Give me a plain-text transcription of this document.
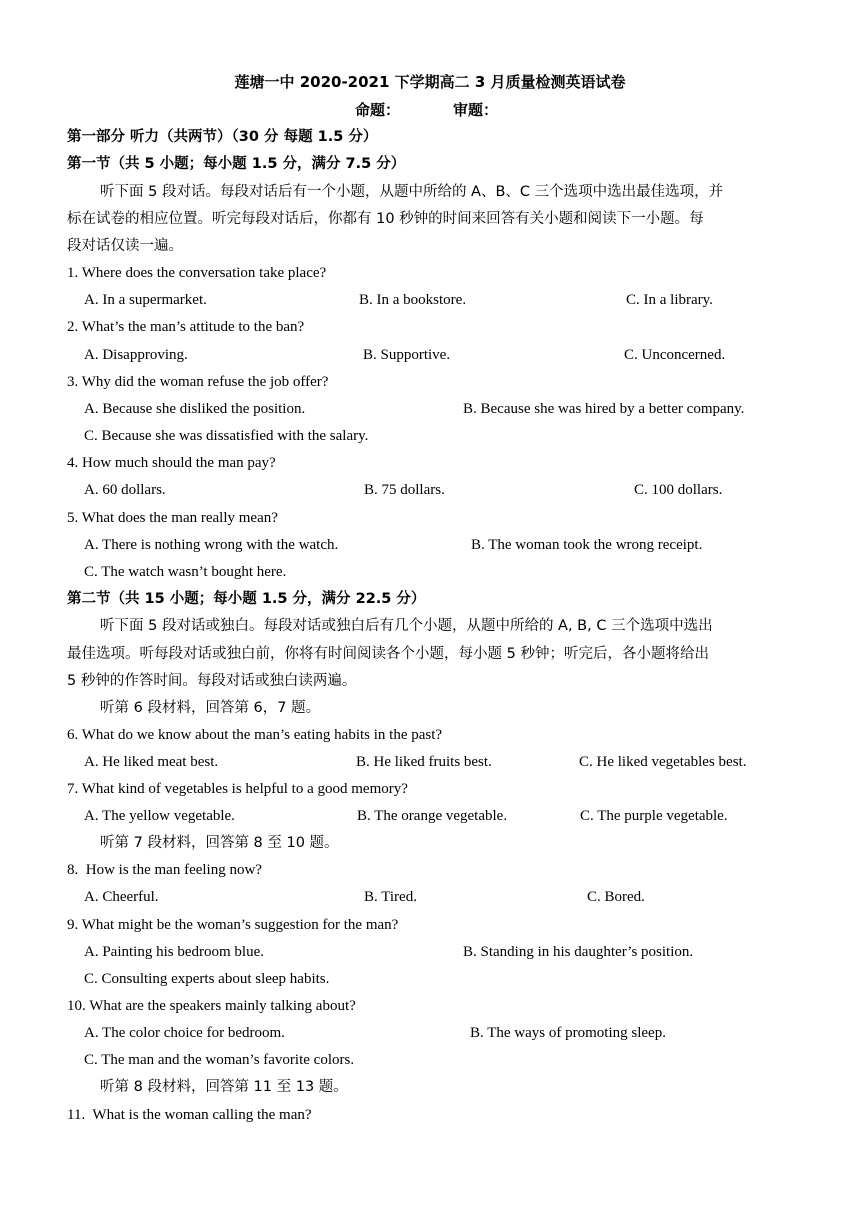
莲塘一中 2020-2021 下学期高二 3 月质量检测英语试卷
命题：	审题：
第一部分 听力（共两节）（30 分 每题 1.5 分）
第一节（共 5 小题；每小题 1.5 分，满分 7.5 分）
听下面 5 段对话。每段对话后有一个小题，从题中所给的 A、B、C 三个选项中选出最佳选项，并
标在试卷的相应位置。听完每段对话后，你都有 10 秒钟的时间来回答有关小题和阅读下一小题。每
段对话仅读一遍。
1. Where does the conversation take place?
A. In a supermarket.	B. In a bookstore.	C. In a library.
2. What’s the man’s attitude to the ban?
A. Disapproving.	B. Supportive.	C. Unconcerned.
3. Why did the woman refuse the job offer?
A. Because she disliked the position.	B. Because she was hired by a better company.
C. Because she was dissatisfied with the salary.
4. How much should the man pay?
A. 60 dollars.	B. 75 dollars.	C. 100 dollars.
5. What does the man really mean?
A. There is nothing wrong with the watch.	B. The woman took the wrong receipt.
C. The watch wasn’t bought here.
第二节（共 15 小题；每小题 1.5 分，满分 22.5 分）
听下面 5 段对话或独白。每段对话或独白后有几个小题，从题中所给的 A, B, C 三个选项中选出
最佳选项。听每段对话或独白前，你将有时间阅读各个小题，每小题 5 秒钟；听完后，各小题将给出
5 秒钟的作答时间。每段对话或独白读两遍。
听第 6 段材料，回答第 6，7 题。
6. What do we know about the man’s eating habits in the past?
A. He liked meat best.	B. He liked fruits best.	C. He liked vegetables best.
7. What kind of vegetables is helpful to a good memory?
A. The yellow vegetable.	B. The orange vegetable.	C. The purple vegetable.
听第 7 段材料，回答第 8 至 10 题。
8.  How is the man feeling now?
A. Cheerful.	B. Tired.	C. Bored.
9. What might be the woman’s suggestion for the man?
A. Painting his bedroom blue.	B. Standing in his daughter’s position.
C. Consulting experts about sleep habits.
10. What are the speakers mainly talking about?
A. The color choice for bedroom.	B. The ways of promoting sleep.
C. The man and the woman’s favorite colors.
听第 8 段材料，回答第 11 至 13 题。
11.  What is the woman calling the man?
